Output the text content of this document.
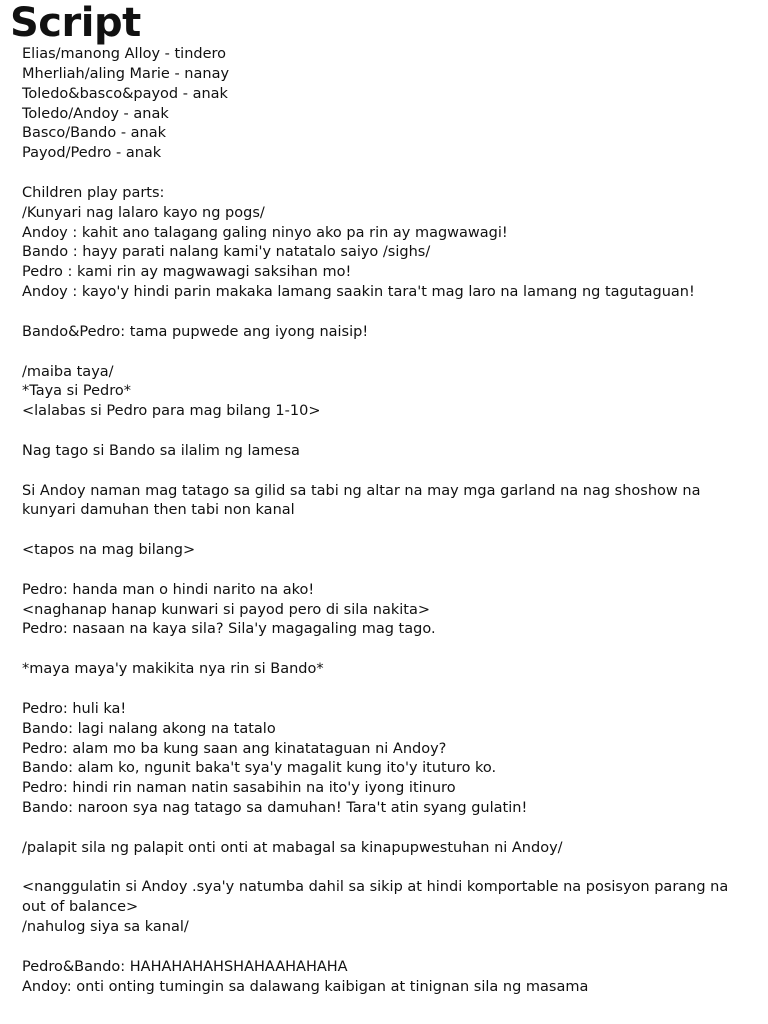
Script
Elias/manong Alloy - tindero
Mherliah/aling Marie - nanay
Toledo&basco&payod - anak
Toledo/Andoy - anak
Basco/Bando - anak
Payod/Pedro - anak
Children play parts:
/Kunyari nag lalaro kayo ng pogs/
Andoy : kahit ano talagang galing ninyo ako pa rin ay magwawagi!
Bando : hayy parati nalang kami'y natatalo saiyo /sighs/
Pedro : kami rin ay magwawagi saksihan mo!
Andoy : kayo'y hindi parin makaka lamang saakin tara't mag laro na lamang ng tagutaguan!
Bando&Pedro: tama pupwede ang iyong naisip!
/maiba taya/
*Taya si Pedro*
<lalabas si Pedro para mag bilang 1-10>
Nag tago si Bando sa ilalim ng lamesa
Si Andoy naman mag tatago sa gilid sa tabi ng altar na may mga garland na nag shoshow na kunyari damuhan then tabi non kanal
<tapos na mag bilang>
Pedro: handa man o hindi narito na ako!
<naghanap hanap kunwari si payod pero di sila nakita>
Pedro: nasaan na kaya sila? Sila'y magagaling mag tago.
*maya maya'y makikita nya rin si Bando*
Pedro: huli ka!
Bando: lagi nalang akong na tatalo
Pedro: alam mo ba kung saan ang kinatataguan ni Andoy?
Bando: alam ko, ngunit baka't sya'y magalit kung ito'y ituturo ko.
Pedro: hindi rin naman natin sasabihin na ito'y iyong itinuro
Bando: naroon sya nag tatago sa damuhan! Tara't atin syang gulatin!
/palapit sila ng palapit onti onti at mabagal sa kinapupwestuhan ni Andoy/
<nanggulatin si Andoy .sya'y natumba dahil sa sikip at hindi komportable na posisyon parang na out of balance>
/nahulog siya sa kanal/
Pedro&Bando: HAHAHAHAHSHAHAAHAHAHA
Andoy: onti onting tumingin sa dalawang kaibigan at tinignan sila ng masama
